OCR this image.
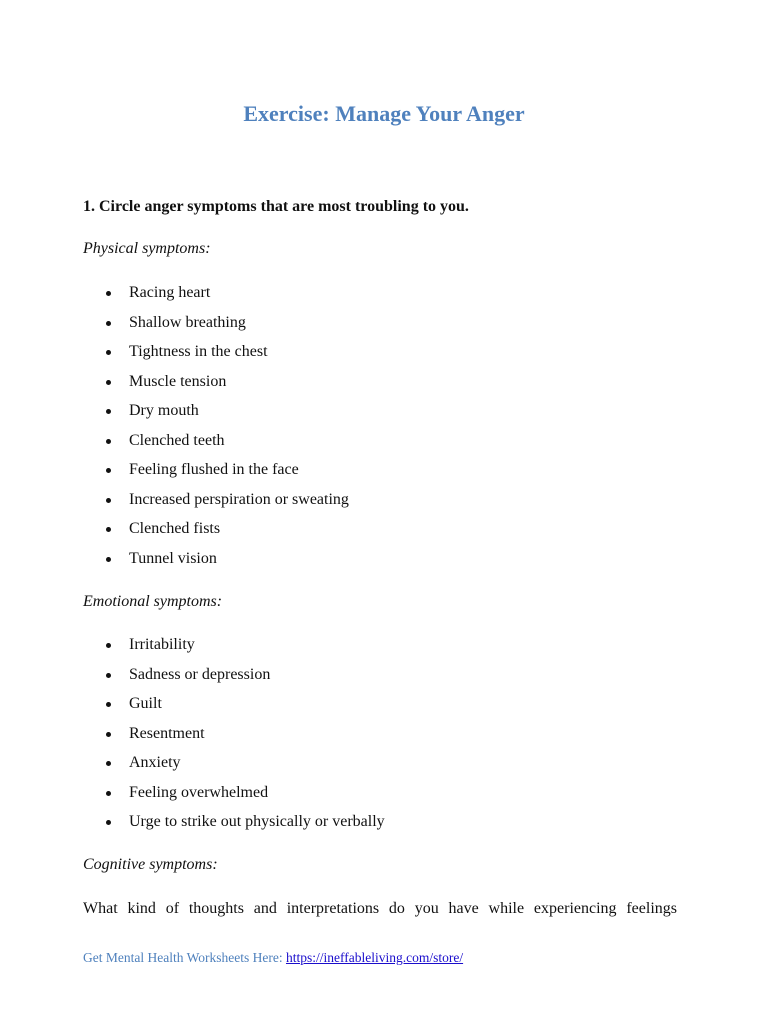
Exercise: Manage Your Anger
1. Circle anger symptoms that are most troubling to you.
Physical symptoms:
Racing heart
Shallow breathing
Tightness in the chest
Muscle tension
Dry mouth
Clenched teeth
Feeling flushed in the face
Increased perspiration or sweating
Clenched fists
Tunnel vision
Emotional symptoms:
Irritability
Sadness or depression
Guilt
Resentment
Anxiety
Feeling overwhelmed
Urge to strike out physically or verbally
Cognitive symptoms:
What kind of thoughts and interpretations do you have while experiencing feelings
Get Mental Health Worksheets Here: https://ineffableliving.com/store/
